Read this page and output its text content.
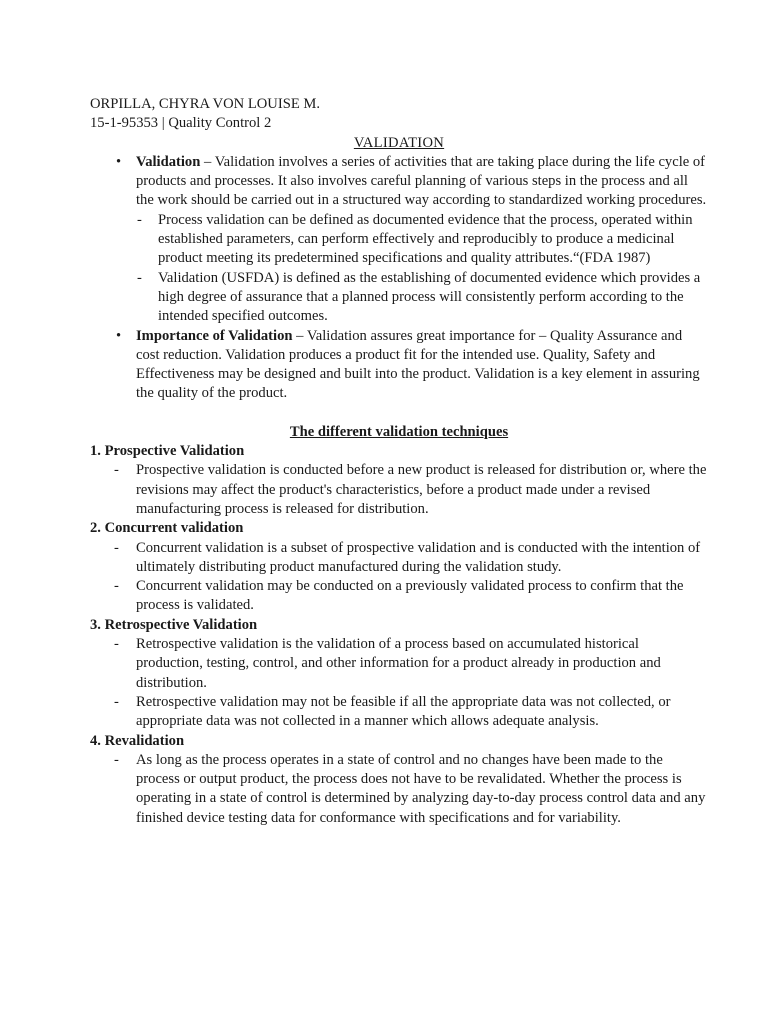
ORPILLA, CHYRA VON LOUISE M.

15-1-95353 | Quality Control 2

VALIDATION

• Validation – Validation involves a series of activities that are taking place during the life cycle of products and processes. It also involves careful planning of various steps in the process and all the work should be carried out in a structured way according to standardized working procedures.

- Process validation can be defined as documented evidence that the process, operated within established parameters, can perform effectively and reproducibly to produce a medicinal product meeting its predetermined specifications and quality attributes.“(FDA 1987)
- Validation (USFDA) is defined as the establishing of documented evidence which provides a high degree of assurance that a planned process will consistently perform according to the intended specified outcomes.
• Importance of Validation – Validation assures great importance for – Quality Assurance and cost reduction. Validation produces a product fit for the intended use. Quality, Safety and Effectiveness may be designed and built into the product. Validation is a key element in assuring the quality of the product.

The different validation techniques

1. Prospective Validation

- Prospective validation is conducted before a new product is released for distribution or, where the revisions may affect the product's characteristics, before a product made under a revised manufacturing process is released for distribution.

2. Concurrent validation

- Concurrent validation is a subset of prospective validation and is conducted with the intention of ultimately distributing product manufactured during the validation study.
- Concurrent validation may be conducted on a previously validated process to confirm that the process is validated.

3. Retrospective Validation

- Retrospective validation is the validation of a process based on accumulated historical production, testing, control, and other information for a product already in production and distribution.
- Retrospective validation may not be feasible if all the appropriate data was not collected, or appropriate data was not collected in a manner which allows adequate analysis.

4. Revalidation

- As long as the process operates in a state of control and no changes have been made to the process or output product, the process does not have to be revalidated. Whether the process is operating in a state of control is determined by analyzing day-to-day process control data and any finished device testing data for conformance with specifications and for variability.
